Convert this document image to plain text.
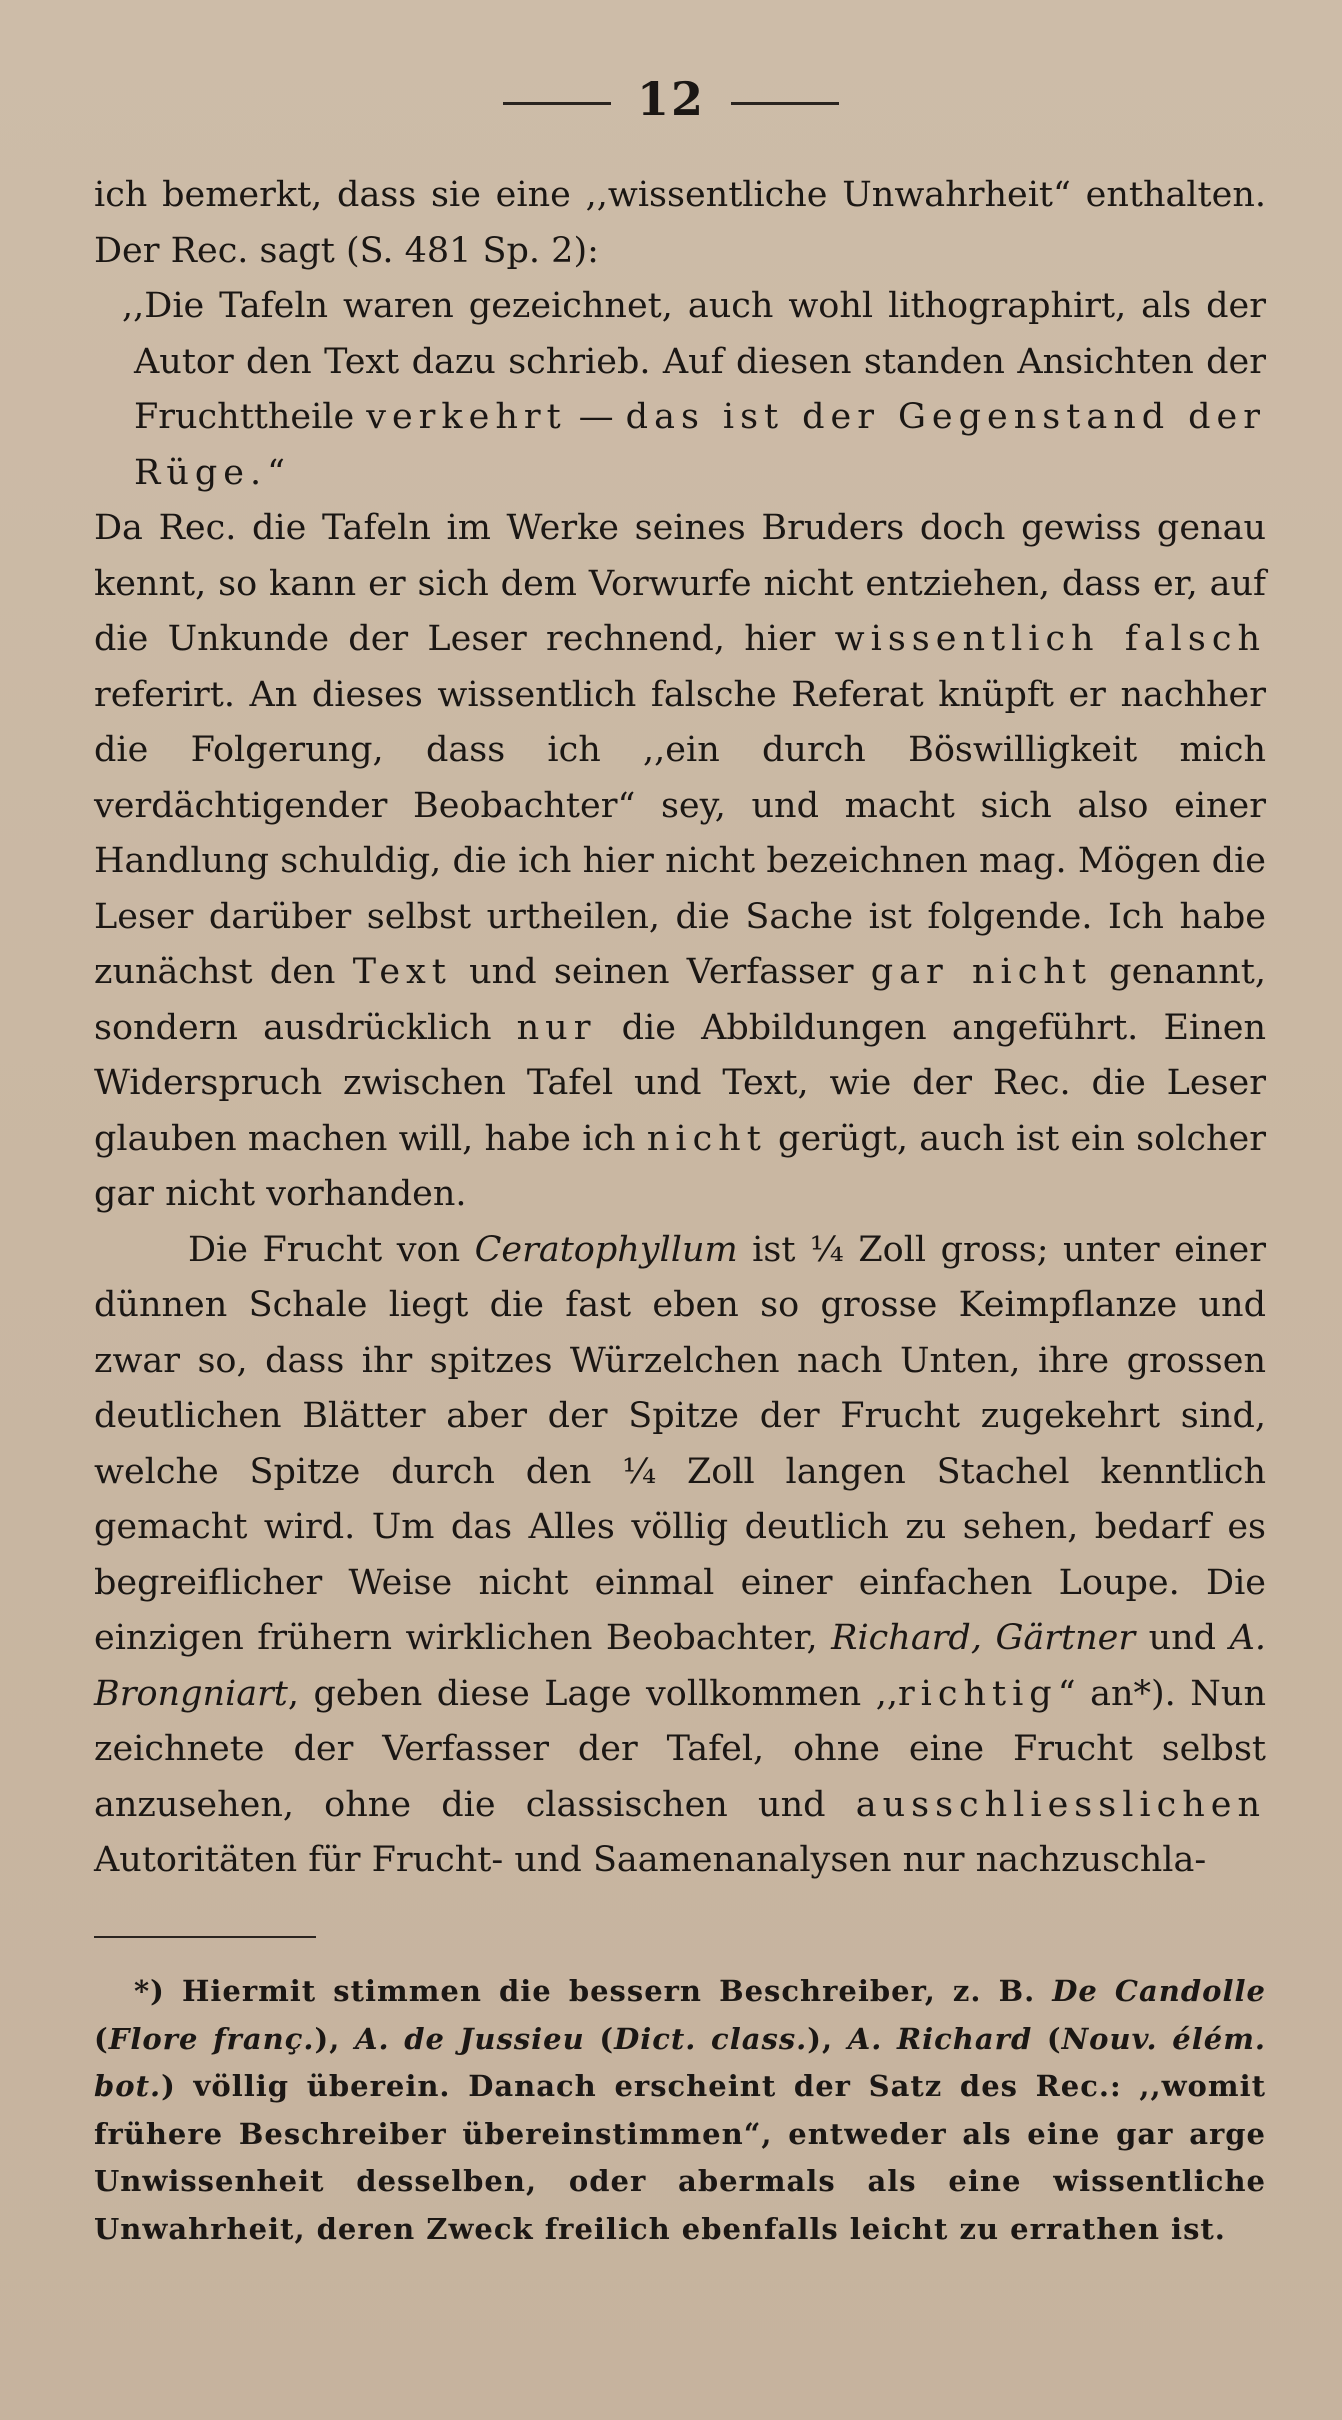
12

ich bemerkt, dass sie eine ,,wissentliche Unwahrheit“ enthalten. Der Rec. sagt (S. 481 Sp. 2):

,,Die Tafeln waren gezeichnet, auch wohl lithographirt, als der Autor den Text dazu schrieb. Auf diesen standen Ansichten der Fruchttheile verkehrt — das ist der Gegenstand der Rüge.“

Da Rec. die Tafeln im Werke seines Bruders doch gewiss genau kennt, so kann er sich dem Vorwurfe nicht entziehen, dass er, auf die Unkunde der Leser rechnend, hier wissentlich falsch referirt. An dieses wissentlich falsche Referat knüpft er nachher die Folgerung, dass ich ,,ein durch Böswilligkeit mich verdächtigender Beobachter“ sey, und macht sich also einer Handlung schuldig, die ich hier nicht bezeichnen mag. Mögen die Leser darüber selbst urtheilen, die Sache ist folgende. Ich habe zunächst den Text und seinen Verfasser gar nicht genannt, sondern ausdrücklich nur die Abbildungen angeführt. Einen Widerspruch zwischen Tafel und Text, wie der Rec. die Leser glauben machen will, habe ich nicht gerügt, auch ist ein solcher gar nicht vorhanden.

Die Frucht von Ceratophyllum ist ¼ Zoll gross; unter einer dünnen Schale liegt die fast eben so grosse Keimpflanze und zwar so, dass ihr spitzes Würzelchen nach Unten, ihre grossen deutlichen Blätter aber der Spitze der Frucht zugekehrt sind, welche Spitze durch den ¼ Zoll langen Stachel kenntlich gemacht wird. Um das Alles völlig deutlich zu sehen, bedarf es begreiflicher Weise nicht einmal einer einfachen Loupe. Die einzigen frühern wirklichen Beobachter, Richard, Gärtner und A. Brongniart, geben diese Lage vollkommen ,,richtig“ an*). Nun zeichnete der Verfasser der Tafel, ohne eine Frucht selbst anzusehen, ohne die classischen und ausschliesslichen Autoritäten für Frucht- und Saamenanalysen nur nachzuschla-

*) Hiermit stimmen die bessern Beschreiber, z. B. De Candolle (Flore franç.), A. de Jussieu (Dict. class.), A. Richard (Nouv. élém. bot.) völlig überein. Danach erscheint der Satz des Rec.: ,,womit frühere Beschreiber übereinstimmen“, entweder als eine gar arge Unwissenheit desselben, oder abermals als eine wissentliche Unwahrheit, deren Zweck freilich ebenfalls leicht zu errathen ist.
